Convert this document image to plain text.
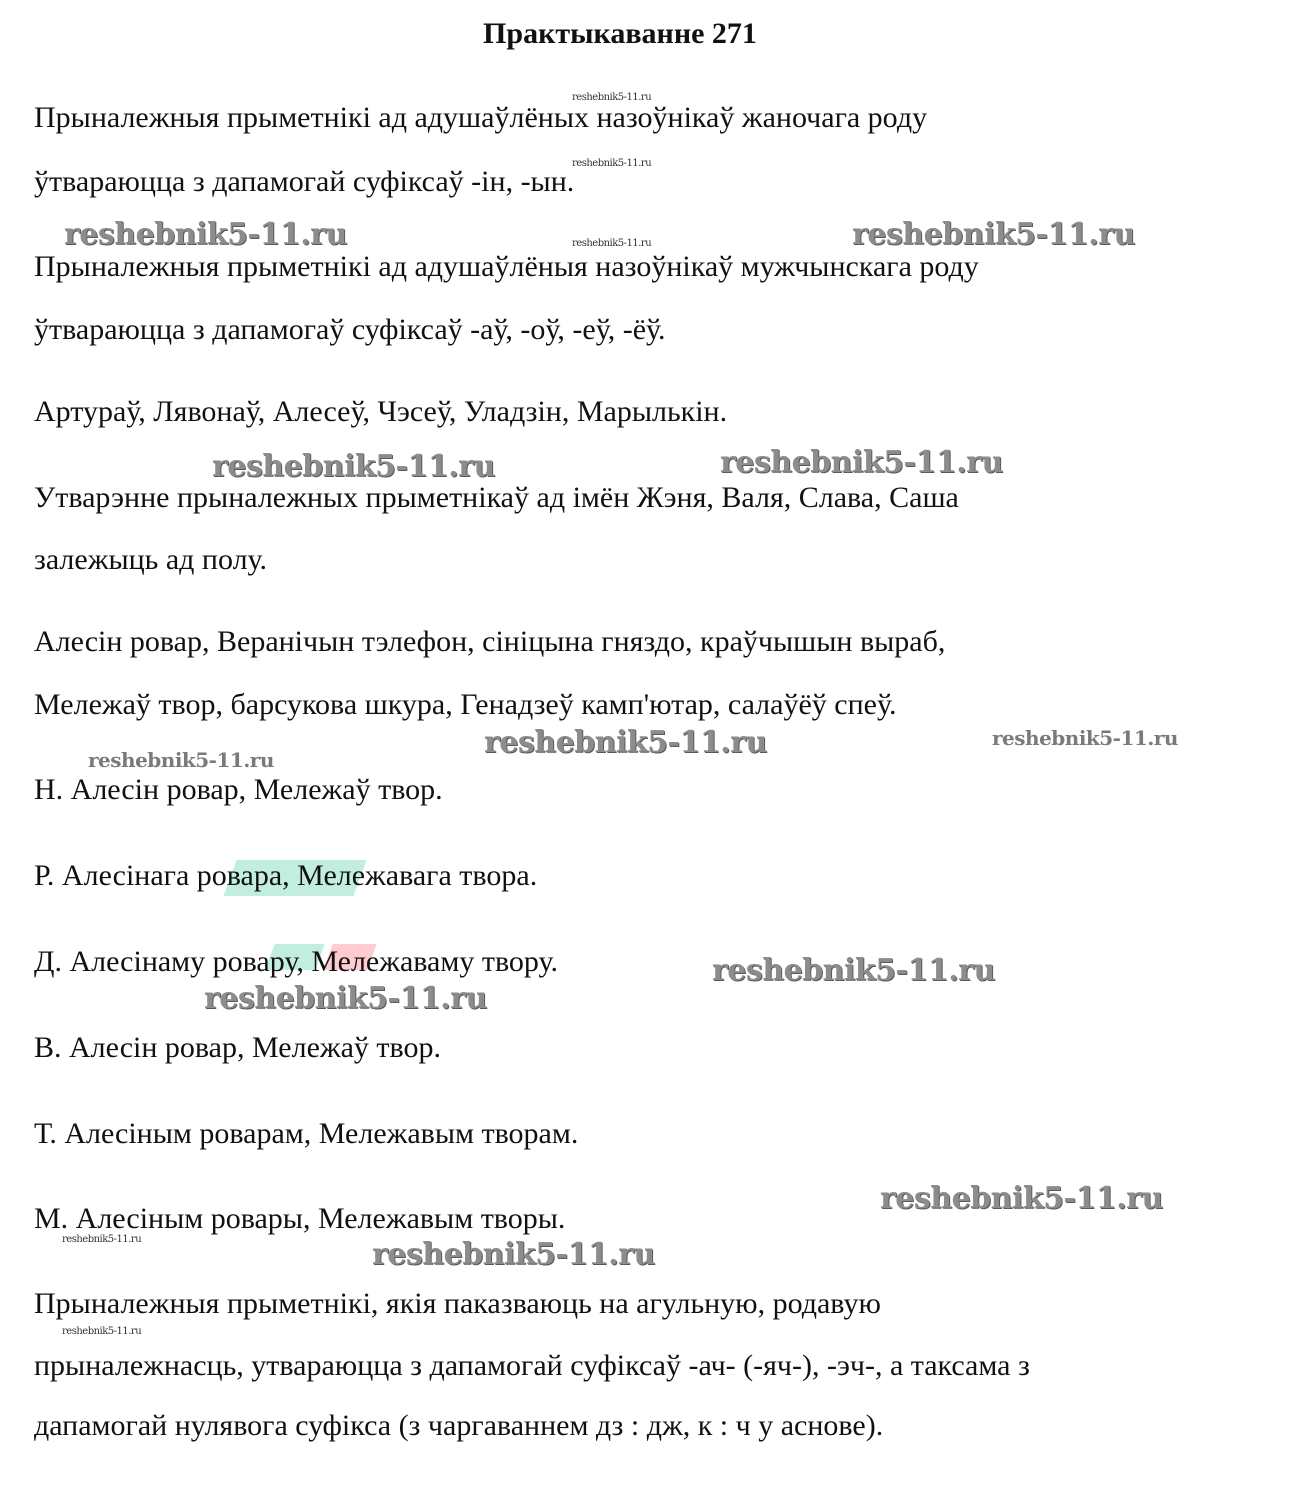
Практыкаванне 271
Прыналежныя прыметнікі ад адушаўлёных назоўнікаў жаночага роду
ўтвараюцца з дапамогай суфіксаў -ін, -ын.
Прыналежныя прыметнікі ад адушаўлёныя назоўнікаў мужчынскага роду
ўтвараюцца з дапамогаў суфіксаў -аў, -оў, -еў, -ёў.
Артураў, Лявонаў, Алесеў, Чэсеў, Уладзін, Марылькін.
Утварэнне прыналежных прыметнікаў ад імён Жэня, Валя, Слава, Саша
залежыць ад полу.
Алесін ровар, Веранічын тэлефон, сініцына гняздо, краўчышын выраб,
Мележаў твор, барсукова шкура, Генадзеў камп'ютар, салаўёў спеў.
Н. Алесін ровар, Мележаў твор.
Р. Алесінага ровара, Мележавага твора.
Д. Алесінаму ровару, Мележаваму твору.
В. Алесін ровар, Мележаў твор.
Т. Алесіным роварам, Мележавым творам.
М. Алесіным ровары, Мележавым творы.
Прыналежныя прыметнікі, якія паказваюць на агульную, родавую
прыналежнасць, утвараюцца з дапамогай суфіксаў -ач- (-яч-), -эч-, а таксама з
дапамогай нулявога суфікса (з чаргаваннем дз : дж, к : ч у аснове).
reshebnik5-11.ru
reshebnik5-11.ru
reshebnik5-11.ru
reshebnik5-11.ru	reshebnik5-11.ru
reshebnik5-11.ru	reshebnik5-11.ru
reshebnik5-11.ru	reshebnik5-11.ru	reshebnik5-11.ru
reshebnik5-11.ru
reshebnik5-11.ru
reshebnik5-11.ru
reshebnik5-11.ru	reshebnik5-11.ru
reshebnik5-11.ru
